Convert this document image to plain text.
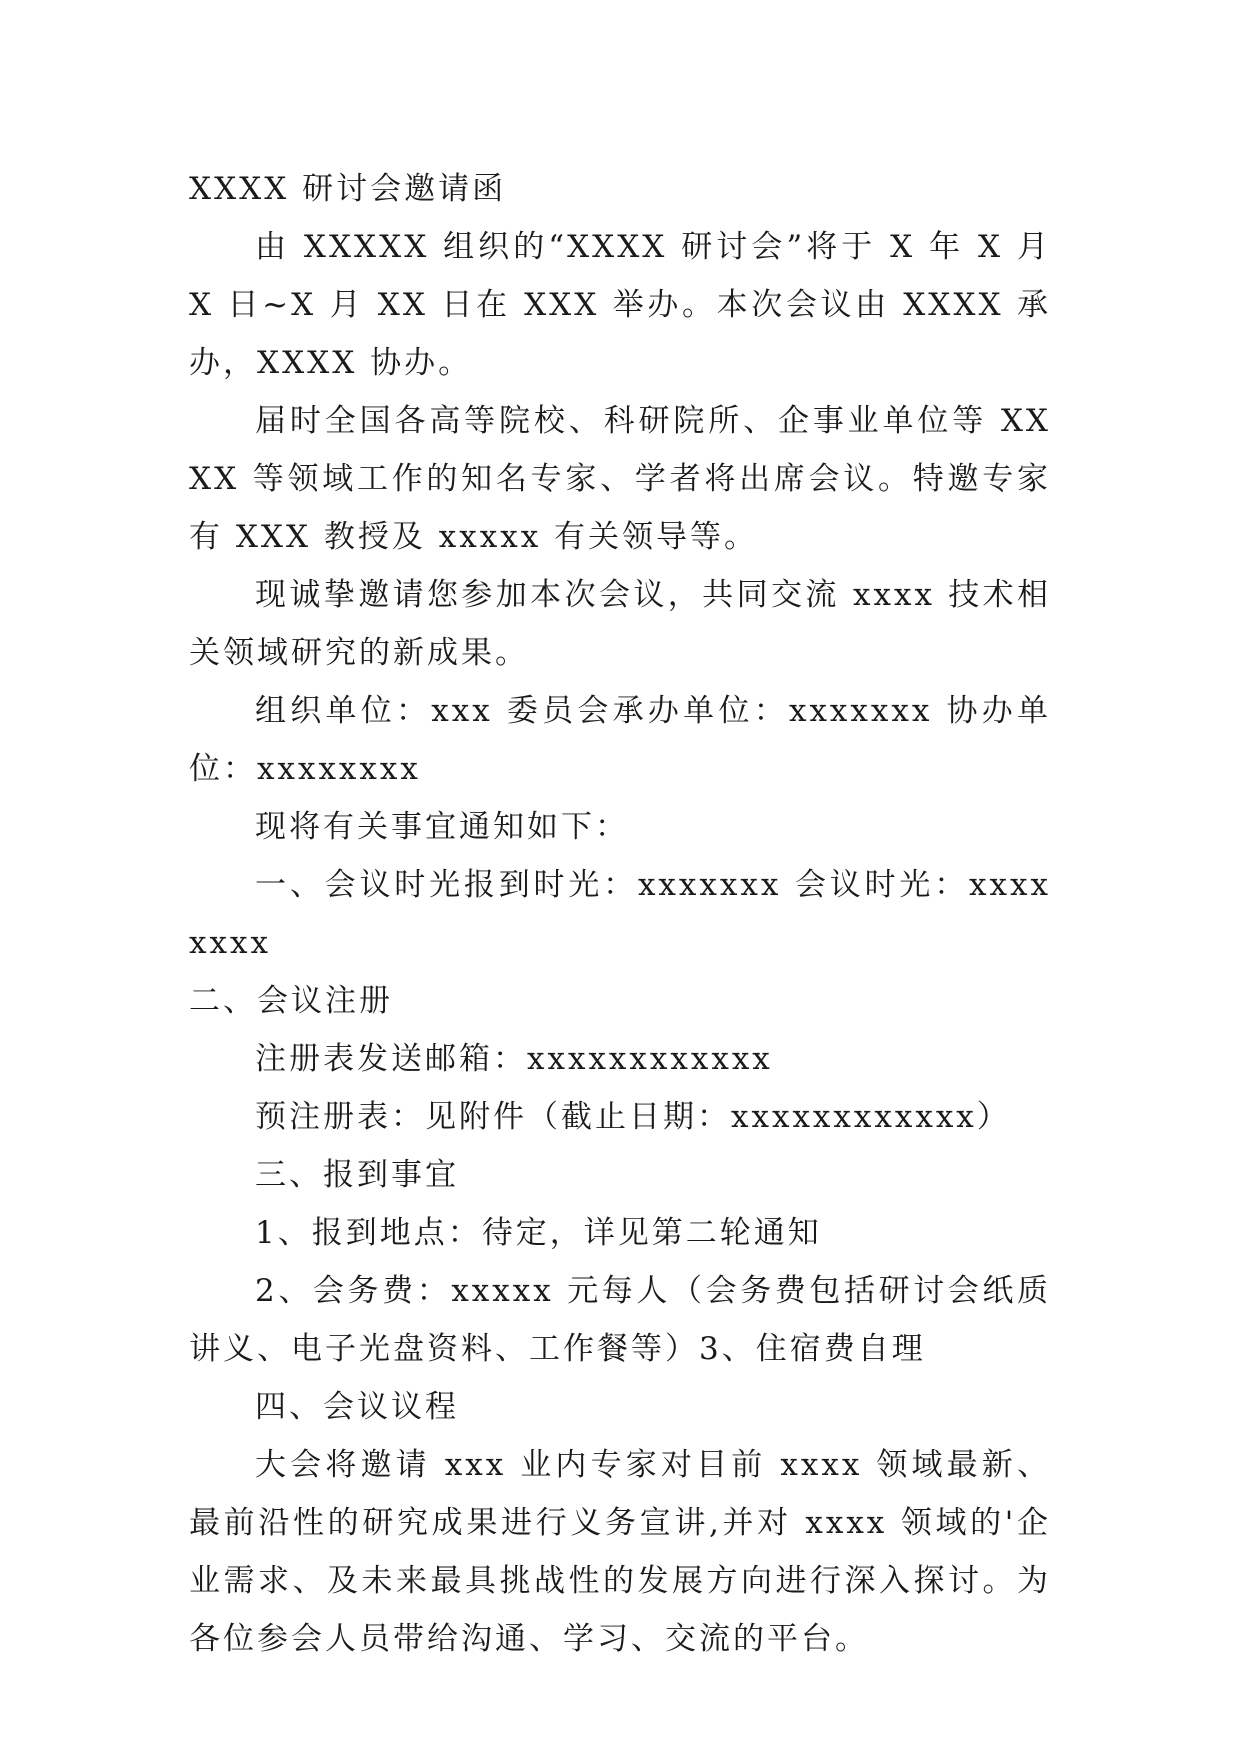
XXXX 研讨会邀请函

由 XXXXX 组织的“XXXX 研讨会”将于 X 年 X 月 X 日~X 月 XX 日在 XXX 举办。本次会议由 XXXX 承办，XXXX 协办。

届时全国各高等院校、科研院所、企事业单位等 XXXX 等领域工作的知名专家、学者将出席会议。特邀专家有 XXX 教授及 xxxxx 有关领导等。

现诚挚邀请您参加本次会议，共同交流 xxxx 技术相关领域研究的新成果。

组织单位：xxx 委员会承办单位：xxxxxxx 协办单位：xxxxxxxx

现将有关事宜通知如下：

一、会议时光报到时光：xxxxxxx 会议时光：xxxxxxxx

二、会议注册

注册表发送邮箱：xxxxxxxxxxxx

预注册表：见附件（截止日期：xxxxxxxxxxxx）

三、报到事宜

1、报到地点：待定，详见第二轮通知

2、会务费：xxxxx 元每人（会务费包括研讨会纸质讲义、电子光盘资料、工作餐等）3、住宿费自理

四、会议议程

大会将邀请 xxx 业内专家对目前 xxxx 领域最新、最前沿性的研究成果进行义务宣讲,并对 xxxx 领域的'企业需求、及未来最具挑战性的发展方向进行深入探讨。为各位参会人员带给沟通、学习、交流的平台。
